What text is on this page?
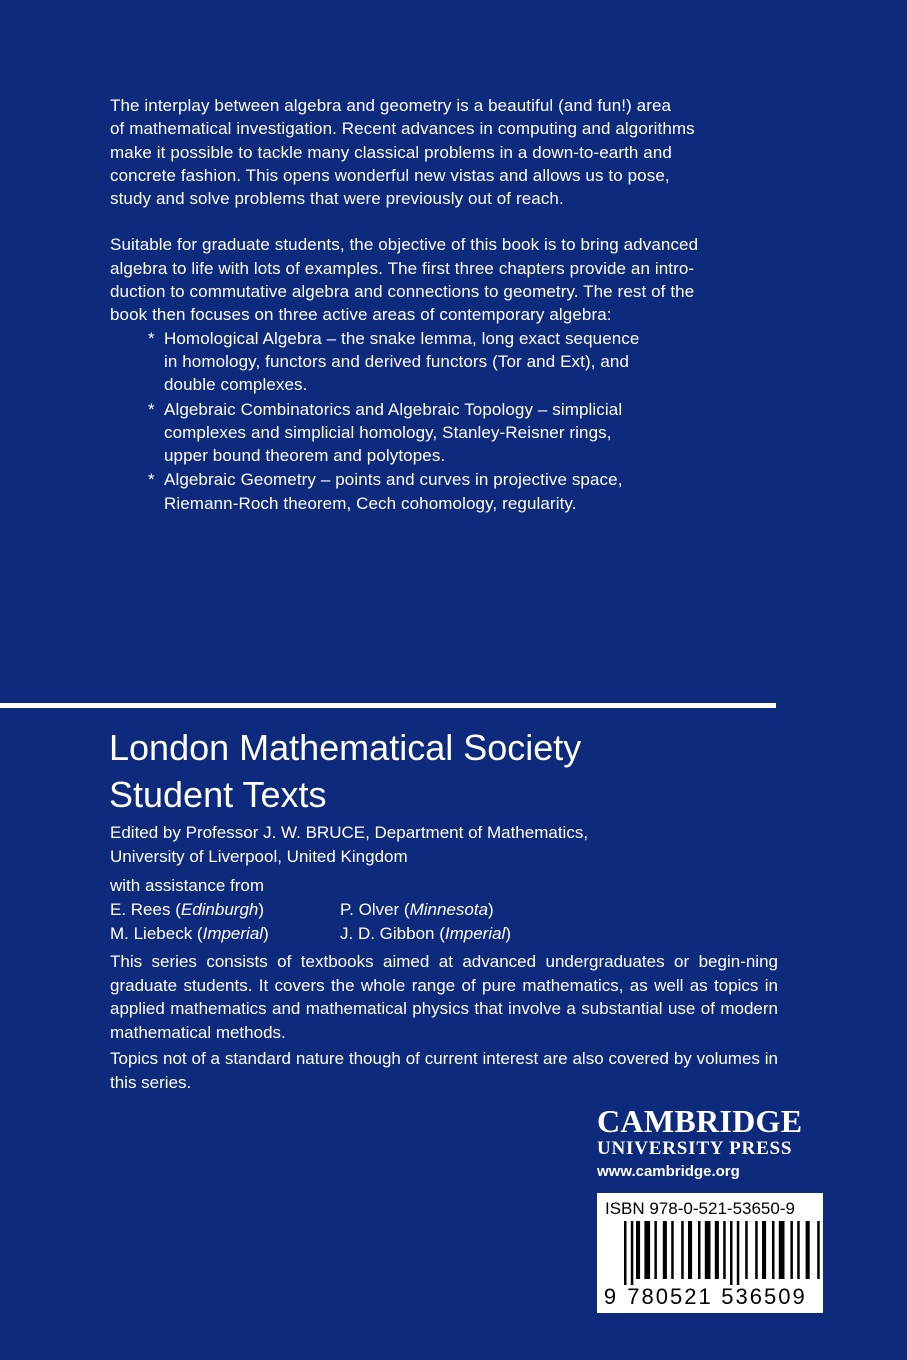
The interplay between algebra and geometry is a beautiful (and fun!) area
of mathematical investigation. Recent advances in computing and algorithms
make it possible to tackle many classical problems in a down-to-earth and
concrete fashion. This opens wonderful new vistas and allows us to pose,
study and solve problems that were previously out of reach.

Suitable for graduate students, the objective of this book is to bring advanced
algebra to life with lots of examples. The first three chapters provide an intro-
duction to commutative algebra and connections to geometry. The rest of the
book then focuses on three active areas of contemporary algebra:

* Homological Algebra – the snake lemma, long exact sequence
in homology, functors and derived functors (Tor and Ext), and
double complexes.
* Algebraic Combinatorics and Algebraic Topology – simplicial
complexes and simplicial homology, Stanley-Reisner rings,
upper bound theorem and polytopes.
* Algebraic Geometry – points and curves in projective space,
Riemann-Roch theorem, Cech cohomology, regularity.
London Mathematical Society
Student Texts
Edited by Professor J. W. BRUCE, Department of Mathematics,
University of Liverpool, United Kingdom
with assistance from
E. Rees (Edinburgh)	P. Olver (Minnesota)
M. Liebeck (Imperial)	J. D. Gibbon (Imperial)

This series consists of textbooks aimed at advanced undergraduates or begin-ning graduate students. It covers the whole range of pure mathematics, as well as topics in applied mathematics and mathematical physics that involve a substantial use of modern mathematical methods.

Topics not of a standard nature though of current interest are also covered by volumes in this series.

CAMBRIDGE
UNIVERSITY PRESS
www.cambridge.org
ISBN 978-0-521-53650-9
9 780521 536509
